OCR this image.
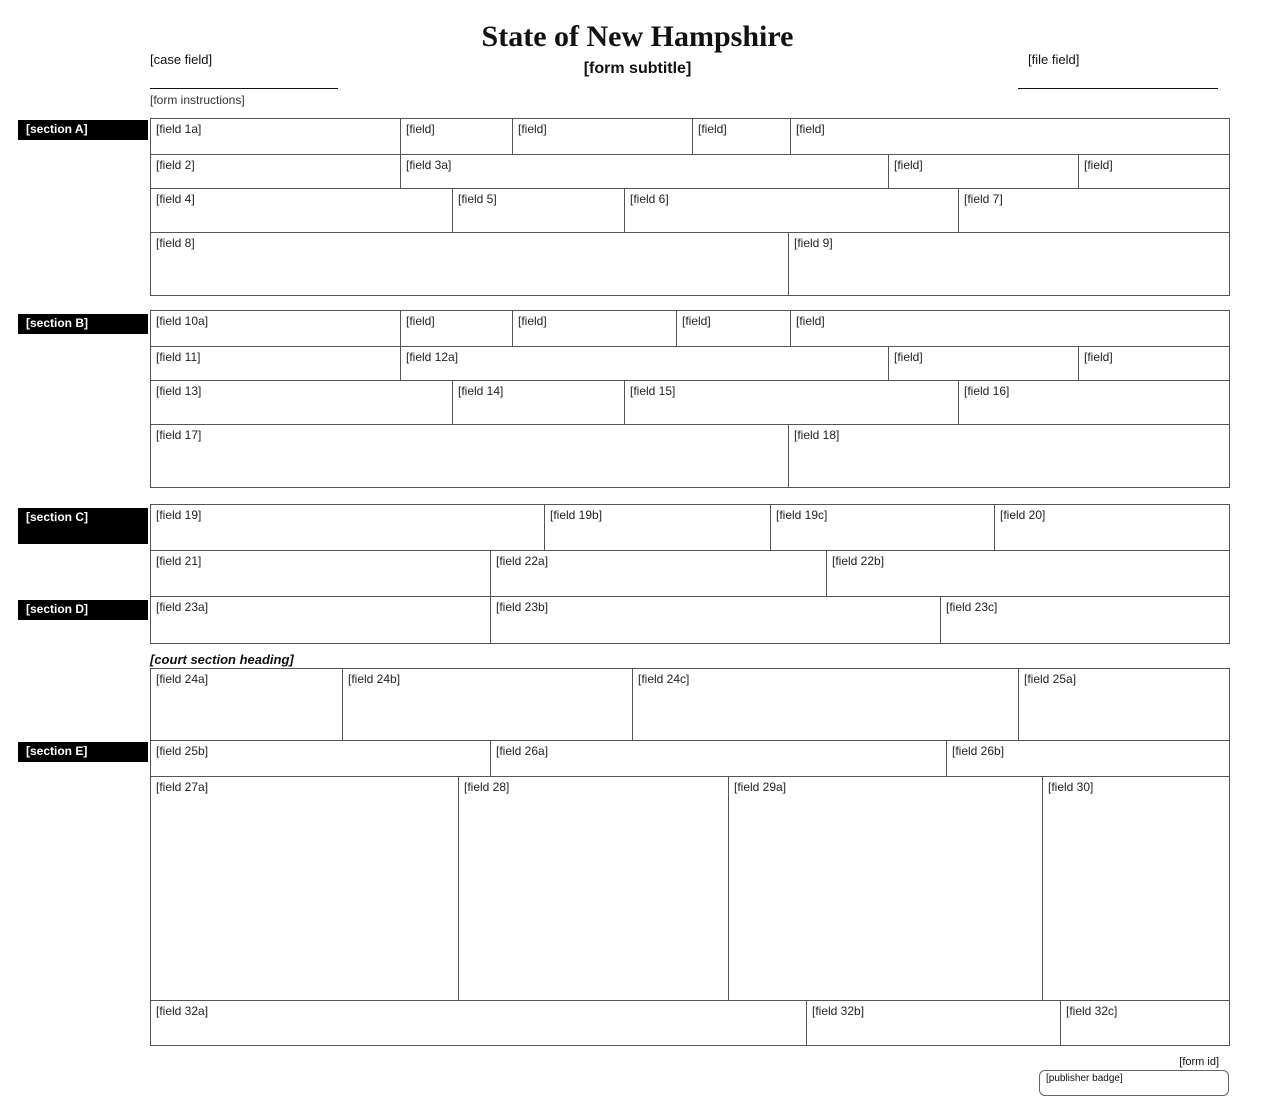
State of New Hampshire
[form subtitle]
[case field]	[file field]
[form instructions]
[section A]
[section B]
[section C]
[section D]
[section E]
[field 1a]	[field]	[field]	[field]	[field]
[field 2]	[field 3a]	[field]	[field]
[field 4]	[field 5]	[field 6]	[field 7]
[field 8]	[field 9]
[field 10a]	[field]	[field]	[field]	[field]
[field 11]	[field 12a]	[field]	[field]
[field 13]	[field 14]	[field 15]	[field 16]
[field 17]	[field 18]
[field 19]	[field 19b]	[field 19c]	[field 20]
[field 21]	[field 22a]	[field 22b]
[field 23a]	[field 23b]	[field 23c]
[court section heading]
[field 24a]	[field 24b]	[field 24c]	[field 25a]
[field 25b]	[field 26a]	[field 26b]
[field 27a]	[field 28]	[field 29a]	[field 30]
[field 32a]	[field 32b]	[field 32c]
[form id]
[publisher badge]
